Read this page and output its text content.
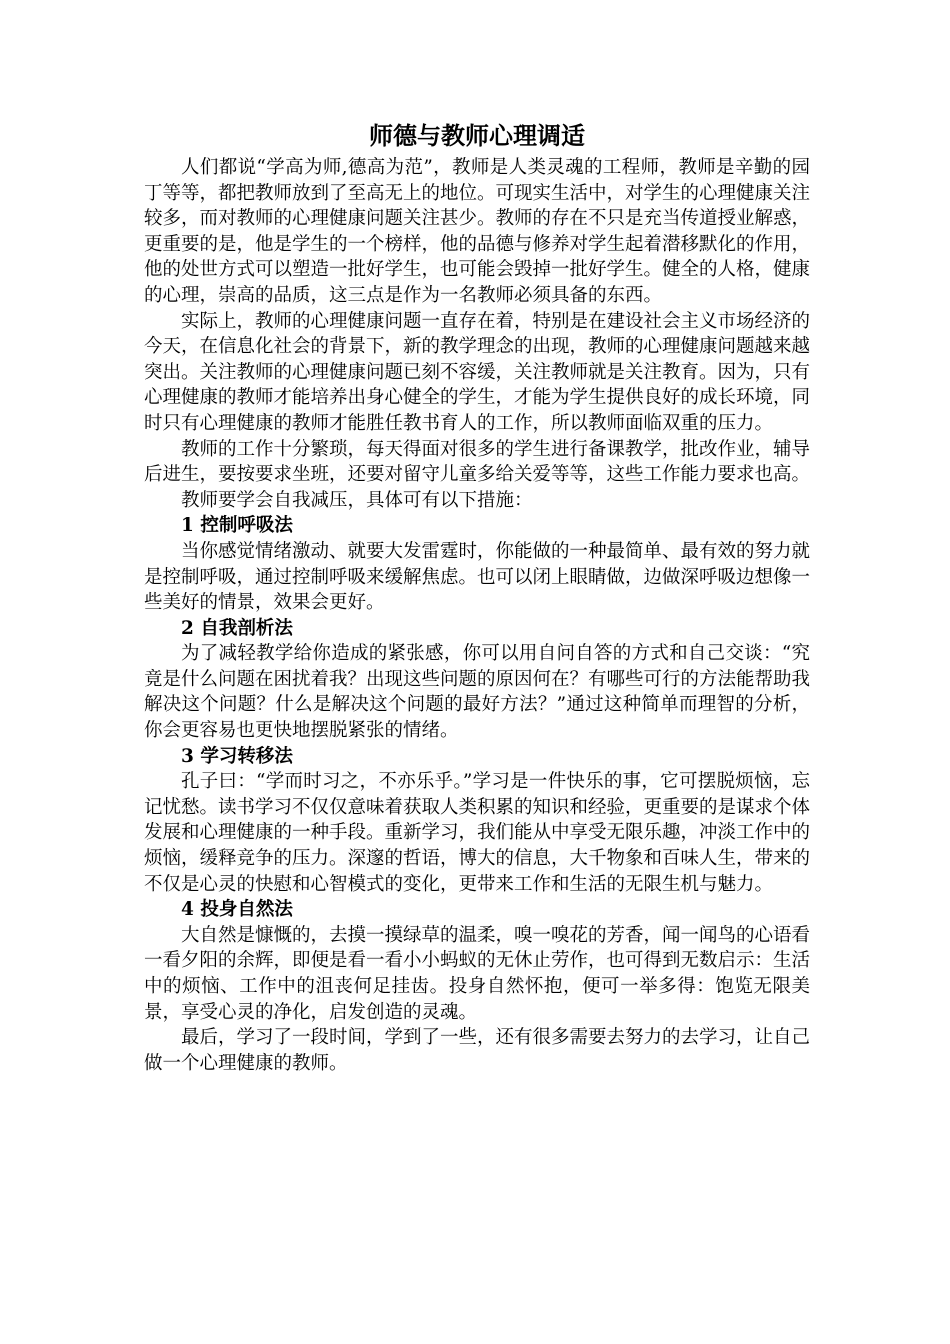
师德与教师心理调适

人们都说“学高为师,德高为范”，教师是人类灵魂的工程师，教师是辛勤的园丁等等，都把教师放到了至高无上的地位。可现实生活中，对学生的心理健康关注较多，而对教师的心理健康问题关注甚少。教师的存在不只是充当传道授业解惑，更重要的是，他是学生的一个榜样，他的品德与修养对学生起着潜移默化的作用，他的处世方式可以塑造一批好学生，也可能会毁掉一批好学生。健全的人格，健康的心理，崇高的品质，这三点是作为一名教师必须具备的东西。

实际上，教师的心理健康问题一直存在着，特别是在建设社会主义市场经济的今天，在信息化社会的背景下，新的教学理念的出现，教师的心理健康问题越来越突出。关注教师的心理健康问题已刻不容缓，关注教师就是关注教育。因为，只有心理健康的教师才能培养出身心健全的学生，才能为学生提供良好的成长环境，同时只有心理健康的教师才能胜任教书育人的工作，所以教师面临双重的压力。

教师的工作十分繁琐，每天得面对很多的学生进行备课教学，批改作业，辅导后进生，要按要求坐班，还要对留守儿童多给关爱等等，这些工作能力要求也高。

教师要学会自我减压，具体可有以下措施：

1 控制呼吸法

当你感觉情绪激动、就要大发雷霆时，你能做的一种最简单、最有效的努力就是控制呼吸，通过控制呼吸来缓解焦虑。也可以闭上眼睛做，边做深呼吸边想像一些美好的情景，效果会更好。

2 自我剖析法

为了减轻教学给你造成的紧张感，你可以用自问自答的方式和自己交谈：“究竟是什么问题在困扰着我？出现这些问题的原因何在？有哪些可行的方法能帮助我解决这个问题？什么是解决这个问题的最好方法？”通过这种简单而理智的分析，你会更容易也更快地摆脱紧张的情绪。

3 学习转移法

孔子曰：“学而时习之，不亦乐乎。”学习是一件快乐的事，它可摆脱烦恼，忘记忧愁。读书学习不仅仅意味着获取人类积累的知识和经验，更重要的是谋求个体发展和心理健康的一种手段。重新学习，我们能从中享受无限乐趣，冲淡工作中的烦恼，缓释竞争的压力。深邃的哲语，博大的信息，大千物象和百味人生，带来的不仅是心灵的快慰和心智模式的变化，更带来工作和生活的无限生机与魅力。

4 投身自然法

大自然是慷慨的，去摸一摸绿草的温柔，嗅一嗅花的芳香，闻一闻鸟的心语看一看夕阳的余辉，即便是看一看小小蚂蚁的无休止劳作，也可得到无数启示：生活中的烦恼、工作中的沮丧何足挂齿。投身自然怀抱，便可一举多得：饱览无限美景，享受心灵的净化，启发创造的灵魂。

最后，学习了一段时间，学到了一些，还有很多需要去努力的去学习，让自己做一个心理健康的教师。
